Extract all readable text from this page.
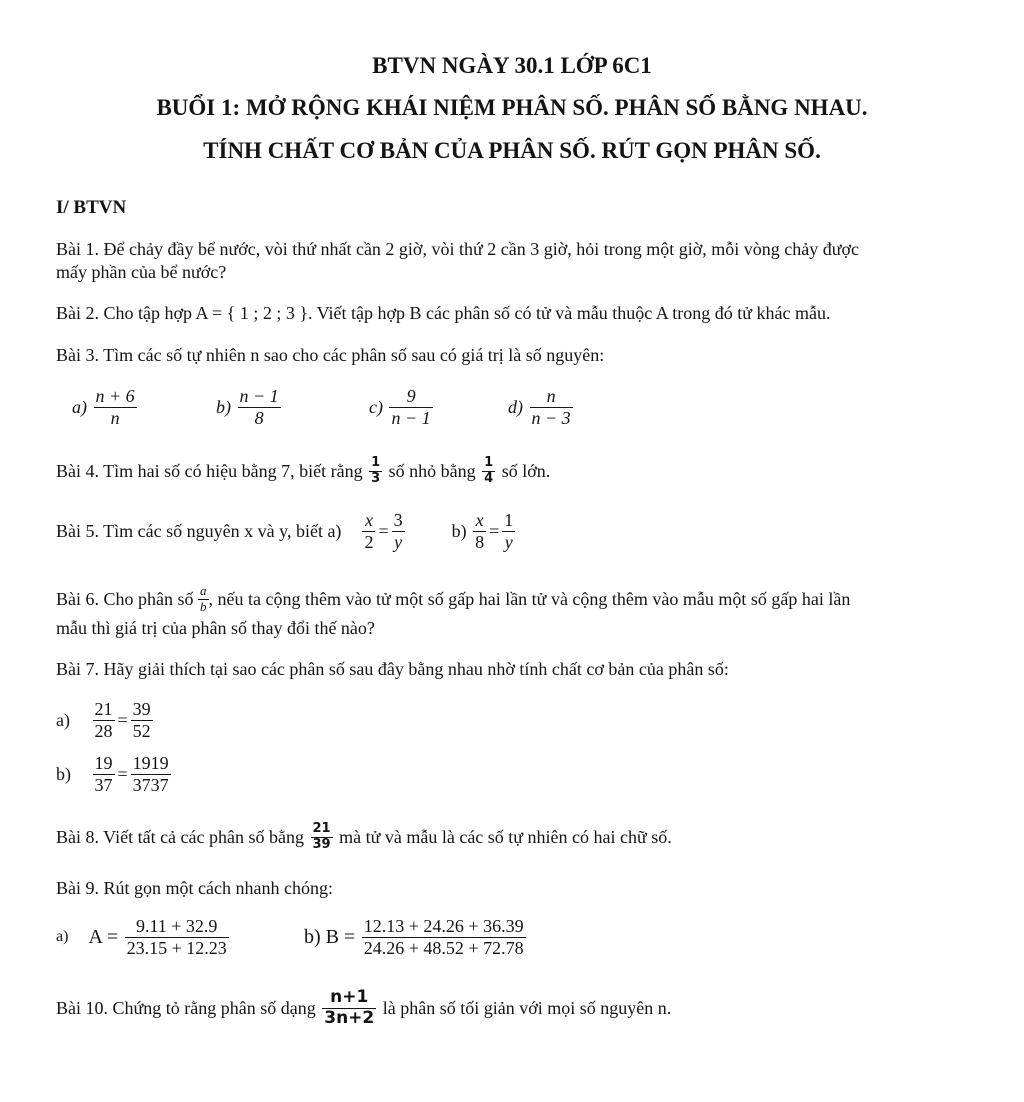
BTVN NGÀY 30.1 LỚP 6C1
BUỔI 1: MỞ RỘNG KHÁI NIỆM PHÂN SỐ. PHÂN SỐ BẰNG NHAU.
TÍNH CHẤT CƠ BẢN CỦA PHÂN SỐ. RÚT GỌN PHÂN SỐ.
I/ BTVN
Bài 1. Để chảy đầy bể nước, vòi thứ nhất cần 2 giờ, vòi thứ 2 cần 3 giờ, hỏi trong một giờ, mỗi vòng chảy được
mấy phần của bể nước?
Bài 2. Cho tập hợp A = { 1 ; 2 ; 3 }. Viết tập hợp B các phân số có tử và mẫu thuộc A trong đó tử khác mẫu.
Bài 3. Tìm các số tự nhiên n sao cho các phân số sau có giá trị là số nguyên:
$a) \frac{n + 6}{n}$	$b) \frac{n - 1}{8}$	$c) \frac{9}{n - 1}$	$d) \frac{n}{n - 3}$
Bài 4. Tìm hai số có hiệu bằng 7, biết rằng $\frac{1}{3}$ số nhỏ bằng $\frac{1}{4}$ số lớn.
Bài 5. Tìm các số nguyên x và y, biết $a) \frac{x}{2} = \frac{3}{y}$	$b) \frac{x}{8} = \frac{1}{y}$
Bài 6. Cho phân số $\frac{a}{b}$ , nếu ta cộng thêm vào tử một số gấp hai lần tử và cộng thêm vào mẫu một số gấp hai lần
mẫu thì giá trị của phân số thay đổi thế nào?
Bài 7. Hãy giải thích tại sao các phân số sau đây bằng nhau nhờ tính chất cơ bản của phân số:
$a) \frac{21}{28} = \frac{39}{52}$
$b) \frac{19}{37} = \frac{1919}{3737}$
Bài 8. Viết tất cả các phân số bằng $\frac{21}{39}$ mà tử và mẫu là các số tự nhiên có hai chữ số.
Bài 9. Rút gọn một cách nhanh chóng:
a) $A = \frac{9.11 + 32.9}{23.15 + 12.23}$	b) $B = \frac{12.13 + 24.26 + 36.39}{24.26 + 48.52 + 72.78}$
Bài 10. Chứng tỏ rằng phân số dạng $\frac{n+1}{3n+2}$ là phân số tối giản với mọi số nguyên n.
